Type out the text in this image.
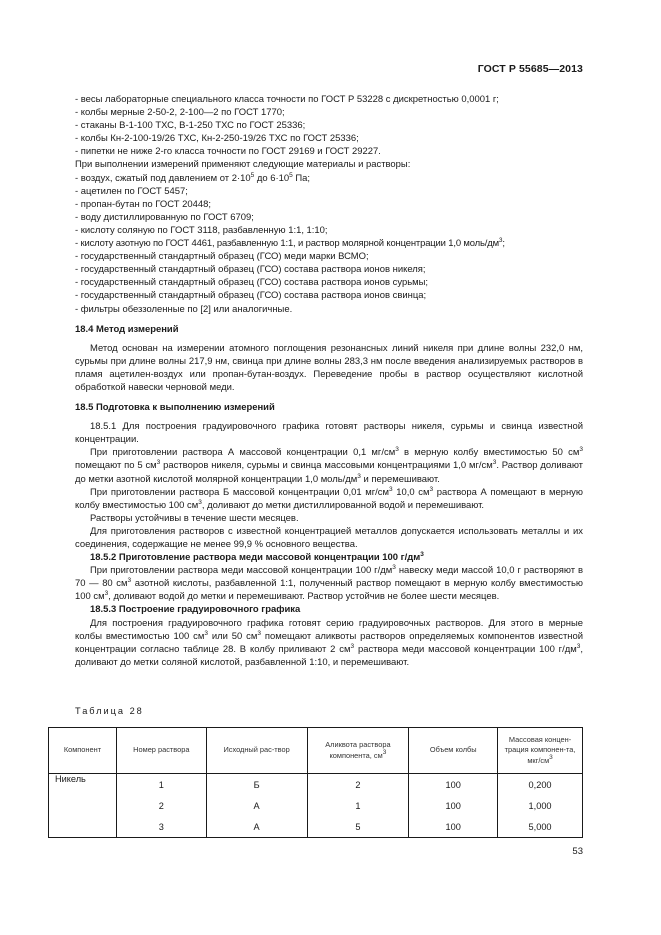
ГОСТ Р 55685—2013

- весы лабораторные специального класса точности по ГОСТ Р 53228 с дискретностью 0,0001 г;

- колбы мерные 2-50-2, 2-100—2 по ГОСТ 1770;

- стаканы В-1-100 ТХС, В-1-250 ТХС по ГОСТ 25336;

- колбы Кн-2-100-19/26 ТХС, Кн-2-250-19/26 ТХС по ГОСТ 25336;

- пипетки не ниже 2-го класса точности по ГОСТ 29169 и ГОСТ 29227.

При выполнении измерений применяют следующие материалы и растворы:

- воздух, сжатый под давлением от $2\cdot 10^5$ до $6\cdot 10^5$ Па;

- ацетилен по ГОСТ 5457;

- пропан-бутан по ГОСТ 20448;

- воду дистиллированную по ГОСТ 6709;

- кислоту соляную по ГОСТ 3118, разбавленную 1:1, 1:10;

- кислоту азотную по ГОСТ 4461, разбавленную 1:1, и раствор молярной концентрации 1,0 моль/$дм^3$;

- государственный стандартный образец (ГСО) меди марки ВСМО;

- государственный стандартный образец (ГСО) состава раствора ионов никеля;

- государственный стандартный образец (ГСО) состава раствора ионов сурьмы;

- государственный стандартный образец (ГСО) состава раствора ионов свинца;

- фильтры обеззоленные по [2] или аналогичные.

18.4 Метод измерений

Метод основан на измерении атомного поглощения резонансных линий никеля при длине волны 232,0 нм, сурьмы при длине волны 217,9 нм, свинца при длине волны 283,3 нм после введения анализируемых растворов в пламя ацетилен-воздух или пропан-бутан-воздух. Переведение пробы в раствор осуществляют кислотной обработкой навески черновой меди.

18.5 Подготовка к выполнению измерений

18.5.1 Для построения градуировочного графика готовят растворы никеля, сурьмы и свинца известной концентрации.

При приготовлении раствора А массовой концентрации 0,1 $мг/см^3$ в мерную колбу вместимостью 50 $см^3$ помещают по 5 $см^3$ растворов никеля, сурьмы и свинца массовыми концентрациями 1,0 $мг/см^3$. Раствор доливают до метки азотной кислотой молярной концентрации 1,0 моль/$дм^3$ и перемешивают.

При приготовлении раствора Б массовой концентрации 0,01 $мг/см^3$ 10,0 $см^3$ раствора А помещают в мерную колбу вместимостью 100 $см^3$, доливают до метки дистиллированной водой и перемешивают.

Растворы устойчивы в течение шести месяцев.

Для приготовления растворов с известной концентрацией металлов допускается использовать металлы и их соединения, содержащие не менее 99,9 % основного вещества.

18.5.2 Приготовление раствора меди массовой концентрации 100 $г/дм^3$

При приготовлении раствора меди массовой концентрации 100 $г/дм^3$ навеску меди массой 10,0 г растворяют в 70 — 80 $см^3$ азотной кислоты, разбавленной 1:1, полученный раствор помещают в мерную колбу вместимостью 100 $см^3$, доливают водой до метки и перемешивают. Раствор устойчив не более шести месяцев.

18.5.3 Построение градуировочного графика

Для построения градуировочного графика готовят серию градуировочных растворов. Для этого в мерные колбы вместимостью 100 $см^3$ или 50 $см^3$ помещают аликвоты растворов определяемых компонентов известной концентрации согласно таблице 28. В колбу приливают 2 $см^3$ раствора меди массовой концентрации 100 $г/дм^3$, доливают до метки соляной кислотой, разбавленной 1:10, и перемешивают.

Таблица 28
Компонент	Номер раствора	Исходный рас-твор	Аликвота раствора компонента, $см^3$	Объем колбы	Массовая концен-трация компонен-та, мкг/$см^3$
Никель	1	Б	2	100	0,200
	2	А	1	100	1,000
	3	А	5	100	5,000
53
